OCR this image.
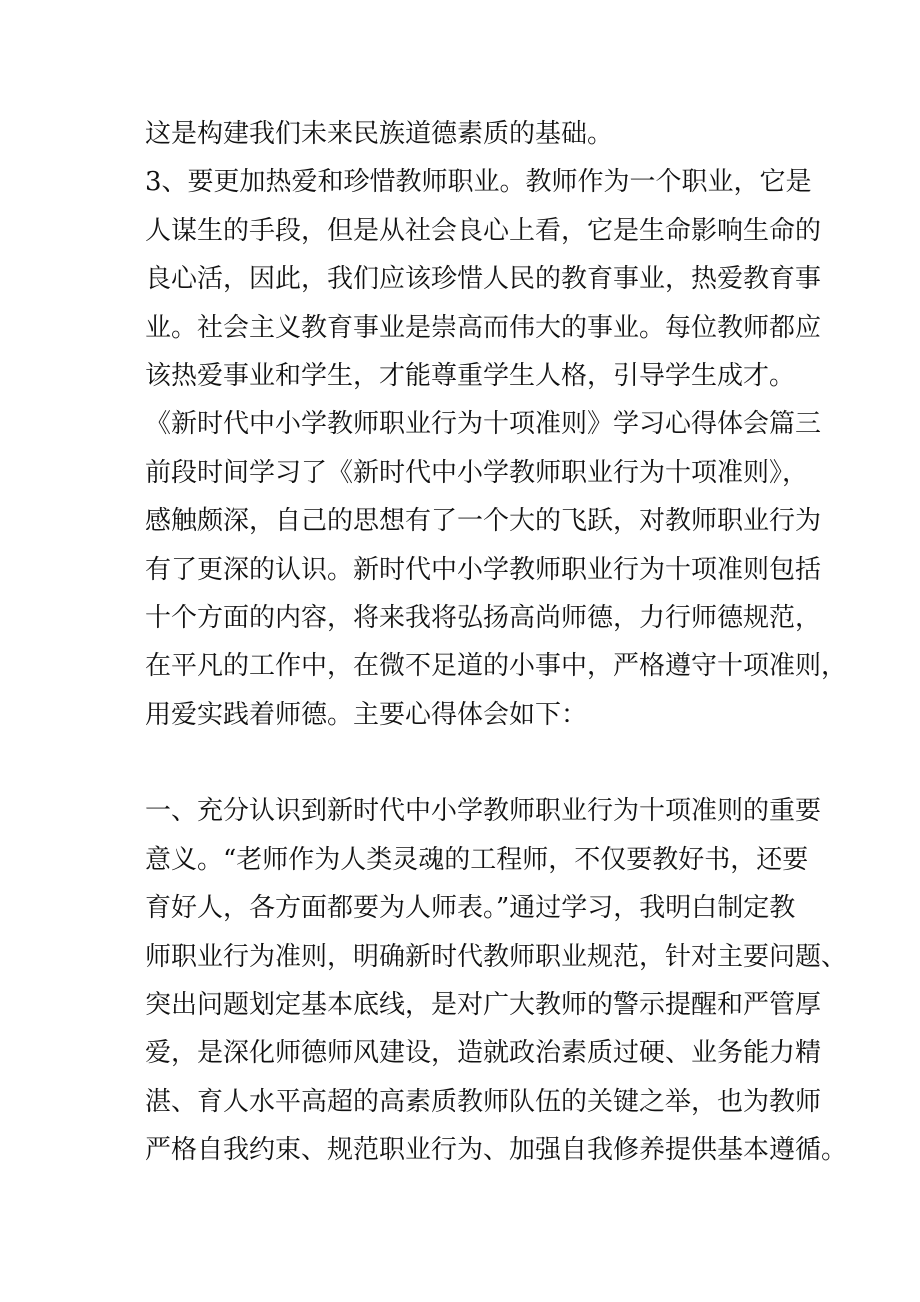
这是构建我们未来民族道德素质的基础。
3、要更加热爱和珍惜教师职业。教师作为一个职业，它是
人谋生的手段，但是从社会良心上看，它是生命影响生命的
良心活，因此，我们应该珍惜人民的教育事业，热爱教育事
业。社会主义教育事业是崇高而伟大的事业。每位教师都应
该热爱事业和学生，才能尊重学生人格，引导学生成才。
《新时代中小学教师职业行为十项准则》学习心得体会篇三
前段时间学习了《新时代中小学教师职业行为十项准则》，
感触颇深，自己的思想有了一个大的飞跃，对教师职业行为
有了更深的认识。新时代中小学教师职业行为十项准则包括
十个方面的内容，将来我将弘扬高尚师德，力行师德规范，
在平凡的工作中，在微不足道的小事中，严格遵守十项准则，
用爱实践着师德。主要心得体会如下：
一、充分认识到新时代中小学教师职业行为十项准则的重要
意义。“老师作为人类灵魂的工程师，不仅要教好书，还要
育好人，各方面都要为人师表。”通过学习，我明白制定教
师职业行为准则，明确新时代教师职业规范，针对主要问题、
突出问题划定基本底线，是对广大教师的警示提醒和严管厚
爱，是深化师德师风建设，造就政治素质过硬、业务能力精
湛、育人水平高超的高素质教师队伍的关键之举，也为教师
严格自我约束、规范职业行为、加强自我修养提供基本遵循。
